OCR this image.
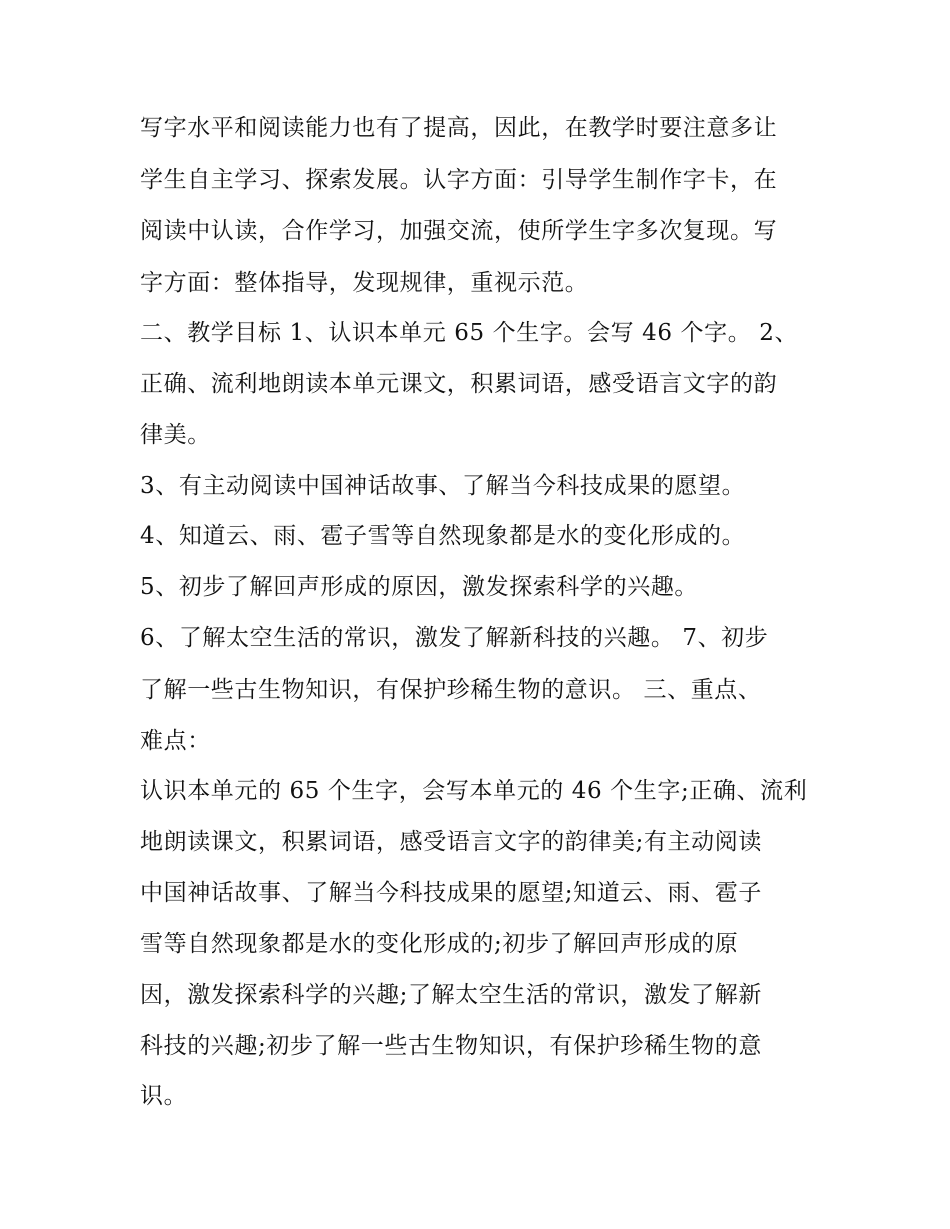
写字水平和阅读能力也有了提高，因此，在教学时要注意多让
学生自主学习、探索发展。认字方面：引导学生制作字卡，在
阅读中认读，合作学习，加强交流，使所学生字多次复现。写
字方面：整体指导，发现规律，重视示范。
二、教学目标 1、认识本单元 65 个生字。会写 46 个字。 2、
正确、流利地朗读本单元课文，积累词语，感受语言文字的韵
律美。
3、有主动阅读中国神话故事、了解当今科技成果的愿望。
4、知道云、雨、雹子雪等自然现象都是水的变化形成的。
5、初步了解回声形成的原因，激发探索科学的兴趣。
6、了解太空生活的常识，激发了解新科技的兴趣。 7、初步
了解一些古生物知识，有保护珍稀生物的意识。 三、重点、
难点：
认识本单元的 65 个生字，会写本单元的 46 个生字;正确、流利
地朗读课文，积累词语，感受语言文字的韵律美;有主动阅读
中国神话故事、了解当今科技成果的愿望;知道云、雨、雹子
雪等自然现象都是水的变化形成的;初步了解回声形成的原
因，激发探索科学的兴趣;了解太空生活的常识，激发了解新
科技的兴趣;初步了解一些古生物知识，有保护珍稀生物的意
识。
